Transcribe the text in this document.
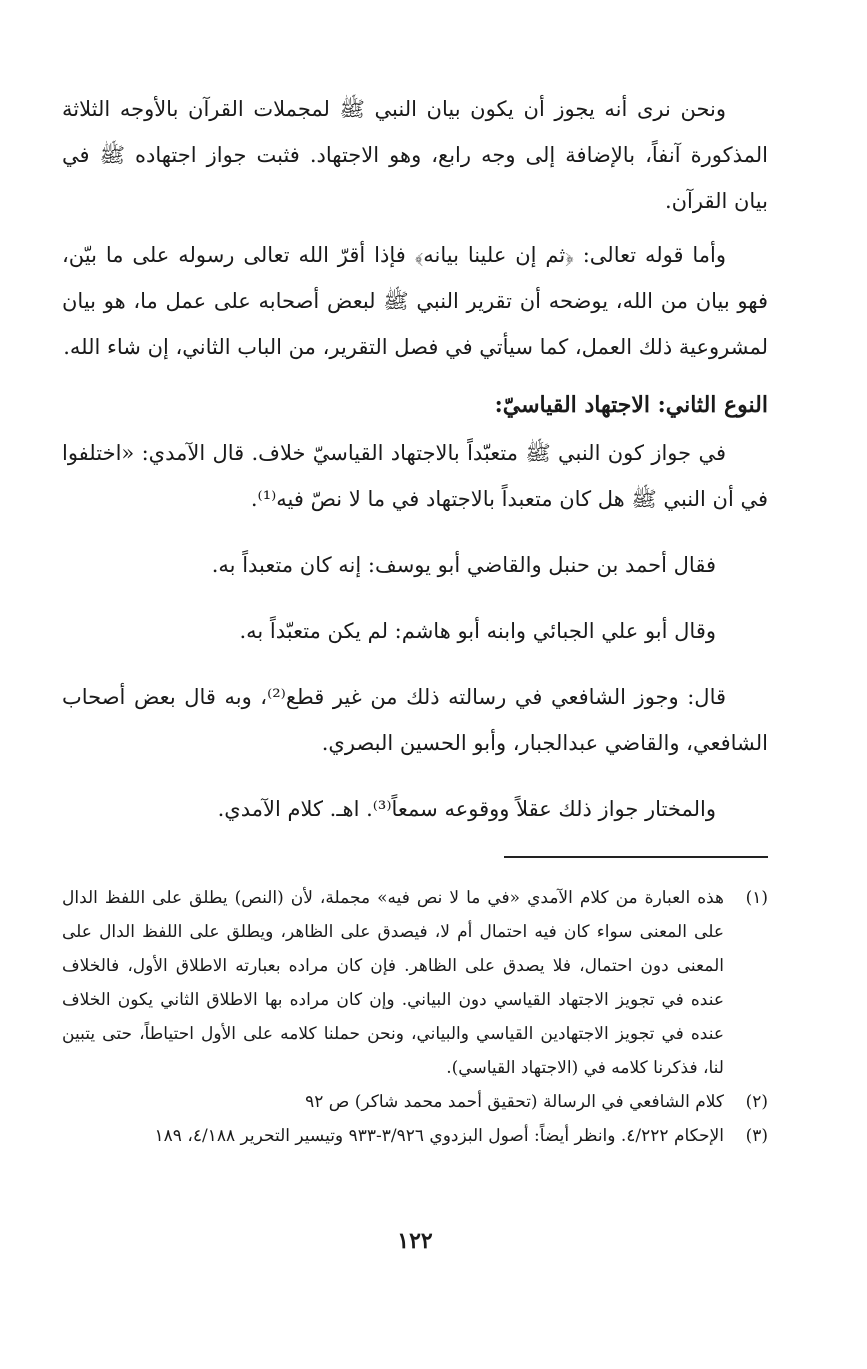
ونحن نرى أنه يجوز أن يكون بيان النبي ﷺ لمجملات القرآن بالأوجه الثلاثة المذكورة آنفاً، بالإضافة إلى وجه رابع، وهو الاجتهاد. فثبت جواز اجتهاده ﷺ في بيان القرآن.

وأما قوله تعالى: ﴿ثم إن علينا بيانه﴾ فإذا أقرّ الله تعالى رسوله على ما بيّن، فهو بيان من الله، يوضحه أن تقرير النبي ﷺ لبعض أصحابه على عمل ما، هو بيان لمشروعية ذلك العمل، كما سيأتي في فصل التقرير، من الباب الثاني، إن شاء الله.

النوع الثاني: الاجتهاد القياسيّ:

في جواز كون النبي ﷺ متعبّداً بالاجتهاد القياسيّ خلاف. قال الآمدي: «اختلفوا في أن النبي ﷺ هل كان متعبداً بالاجتهاد في ما لا نصّ فيه⁽¹⁾.

فقال أحمد بن حنبل والقاضي أبو يوسف: إنه كان متعبداً به.

وقال أبو علي الجبائي وابنه أبو هاشم: لم يكن متعبّداً به.

قال: وجوز الشافعي في رسالته ذلك من غير قطع⁽²⁾، وبه قال بعض أصحاب الشافعي، والقاضي عبدالجبار، وأبو الحسين البصري.

والمختار جواز ذلك عقلاً ووقوعه سمعاً⁽³⁾. اهـ. كلام الآمدي.

(١)
هذه العبارة من كلام الآمدي «في ما لا نص فيه» مجملة، لأن (النص) يطلق على اللفظ الدال على المعنى سواء كان فيه احتمال أم لا، فيصدق على الظاهر، ويطلق على اللفظ الدال على المعنى دون احتمال، فلا يصدق على الظاهر. فإن كان مراده بعبارته الاطلاق الأول، فالخلاف عنده في تجويز الاجتهاد القياسي دون البياني. وإن كان مراده بها الاطلاق الثاني يكون الخلاف عنده في تجويز الاجتهادين القياسي والبياني، ونحن حملنا كلامه على الأول احتياطاً، حتى يتبين لنا، فذكرنا كلامه في (الاجتهاد القياسي).
(٢)
كلام الشافعي في الرسالة (تحقيق أحمد محمد شاكر) ص ٩٢
(٣)
الإحكام ٤/٢٢٢. وانظر أيضاً: أصول البزدوي ٣/٩٢٦-٩٣٣ وتيسير التحرير ٤/١٨٨، ١٨٩
١٢٢
